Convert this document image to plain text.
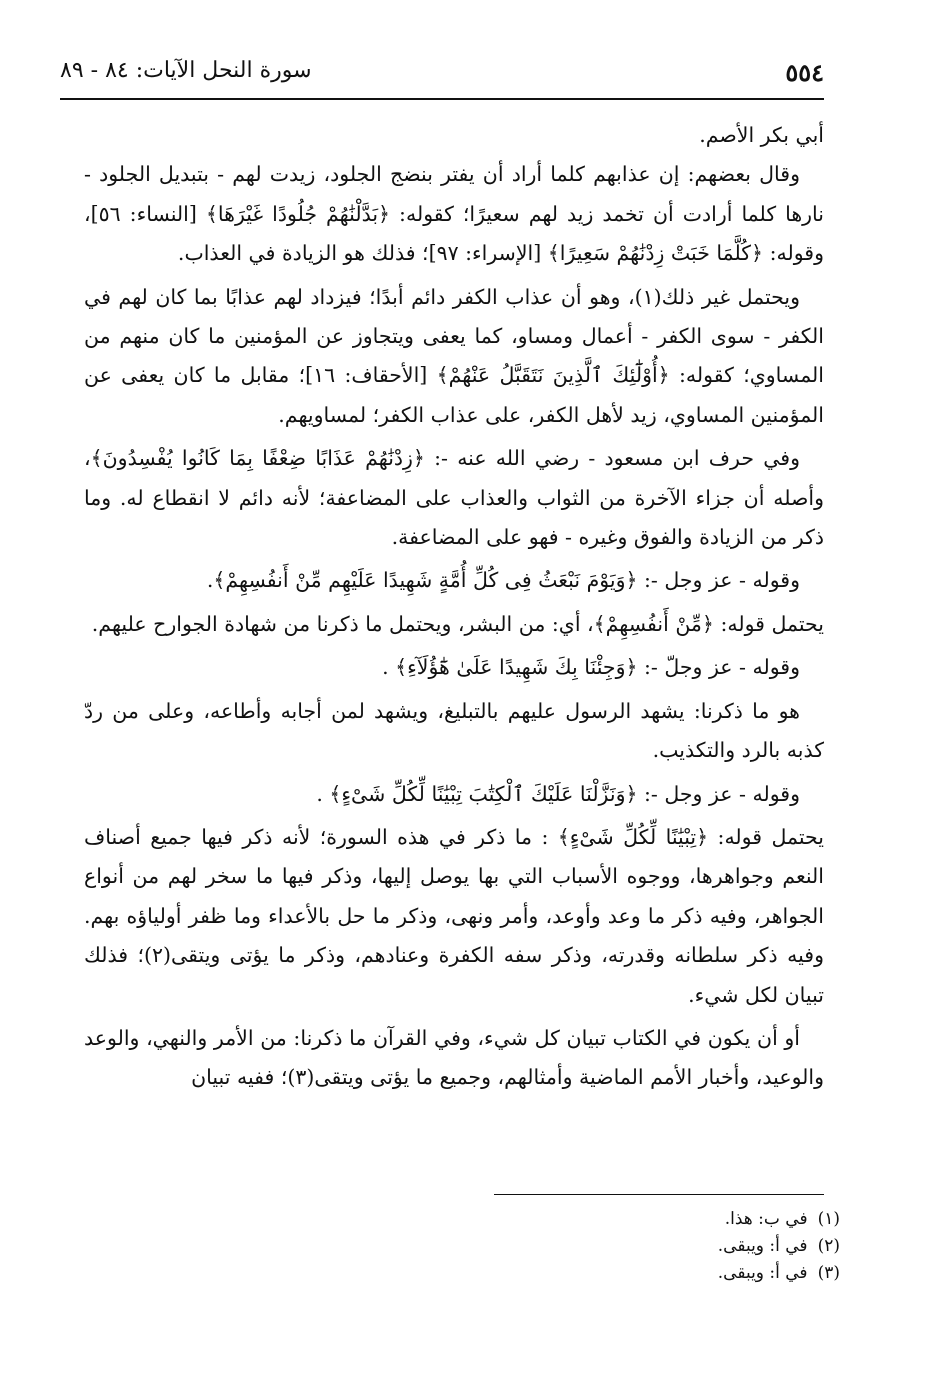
٥٥٤
سورة النحل الآيات: ٨٤ - ٨٩

أبي بكر الأصم.

وقال بعضهم: إن عذابهم كلما أراد أن يفتر بنضج الجلود، زيدت لهم - بتبديل الجلود - نارها كلما أرادت أن تخمد زيد لهم سعيرًا؛ كقوله: ﴿بَدَّلْنَٰهُمْ جُلُودًا غَيْرَهَا﴾ [النساء: ٥٦]، وقوله: ﴿كُلَّمَا خَبَتْ زِدْنَٰهُمْ سَعِيرًا﴾ [الإسراء: ٩٧]؛ فذلك هو الزيادة في العذاب.

ويحتمل غير ذلك(١)، وهو أن عذاب الكفر دائم أبدًا؛ فيزداد لهم عذابًا بما كان لهم في الكفر - سوى الكفر - أعمال ومساو، كما يعفى ويتجاوز عن المؤمنين ما كان منهم من المساوي؛ كقوله: ﴿أُوْلَٰٓئِكَ ٱلَّذِينَ نَتَقَبَّلُ عَنْهُمْ﴾ [الأحقاف: ١٦]؛ مقابل ما كان يعفى عن المؤمنين المساوي، زيد لأهل الكفر، على عذاب الكفر؛ لمساويهم.

وفي حرف ابن مسعود - رضي الله عنه -: ﴿زِدْنَٰهُمْ عَذَابًا ضِعْفًا بِمَا كَانُوا يُفْسِدُونَ﴾، وأصله أن جزاء الآخرة من الثواب والعذاب على المضاعفة؛ لأنه دائم لا انقطاع له. وما ذكر من الزيادة والفوق وغيره - فهو على المضاعفة.

وقوله - عز وجل -: ﴿وَيَوْمَ نَبْعَثُ فِى كُلِّ أُمَّةٍ شَهِيدًا عَلَيْهِم مِّنْ أَنفُسِهِمْ﴾.

يحتمل قوله: ﴿مِّنْ أَنفُسِهِمْ﴾، أي: من البشر، ويحتمل ما ذكرنا من شهادة الجوارح عليهم.

وقوله - عز وجلّ -: ﴿وَجِئْنَا بِكَ شَهِيدًا عَلَىٰ هَٰٓؤُلَآءِ﴾ .

هو ما ذكرنا: يشهد الرسول عليهم بالتبليغ، ويشهد لمن أجابه وأطاعه، وعلى من ردّ كذبه بالرد والتكذيب.

وقوله - عز وجل -: ﴿وَنَزَّلْنَا عَلَيْكَ ٱلْكِتَٰبَ تِبْيَٰنًا لِّكُلِّ شَىْءٍ﴾ .

يحتمل قوله: ﴿تِبْيَٰنًا لِّكُلِّ شَىْءٍ﴾ : ما ذكر في هذه السورة؛ لأنه ذكر فيها جميع أصناف النعم وجواهرها، ووجوه الأسباب التي بها يوصل إليها، وذكر فيها ما سخر لهم من أنواع الجواهر، وفيه ذكر ما وعد وأوعد، وأمر ونهى، وذكر ما حل بالأعداء وما ظفر أولياؤه بهم. وفيه ذكر سلطانه وقدرته، وذكر سفه الكفرة وعنادهم، وذكر ما يؤتى ويتقى(٢)؛ فذلك تبيان لكل شيء.

أو أن يكون في الكتاب تبيان كل شيء، وفي القرآن ما ذكرنا: من الأمر والنهي، والوعد والوعيد، وأخبار الأمم الماضية وأمثالهم، وجميع ما يؤتى ويتقى(٣)؛ ففيه تبيان

(١)في ب: هذا.
(٢)في أ: ويبقى.
(٣)في أ: ويبقى.
